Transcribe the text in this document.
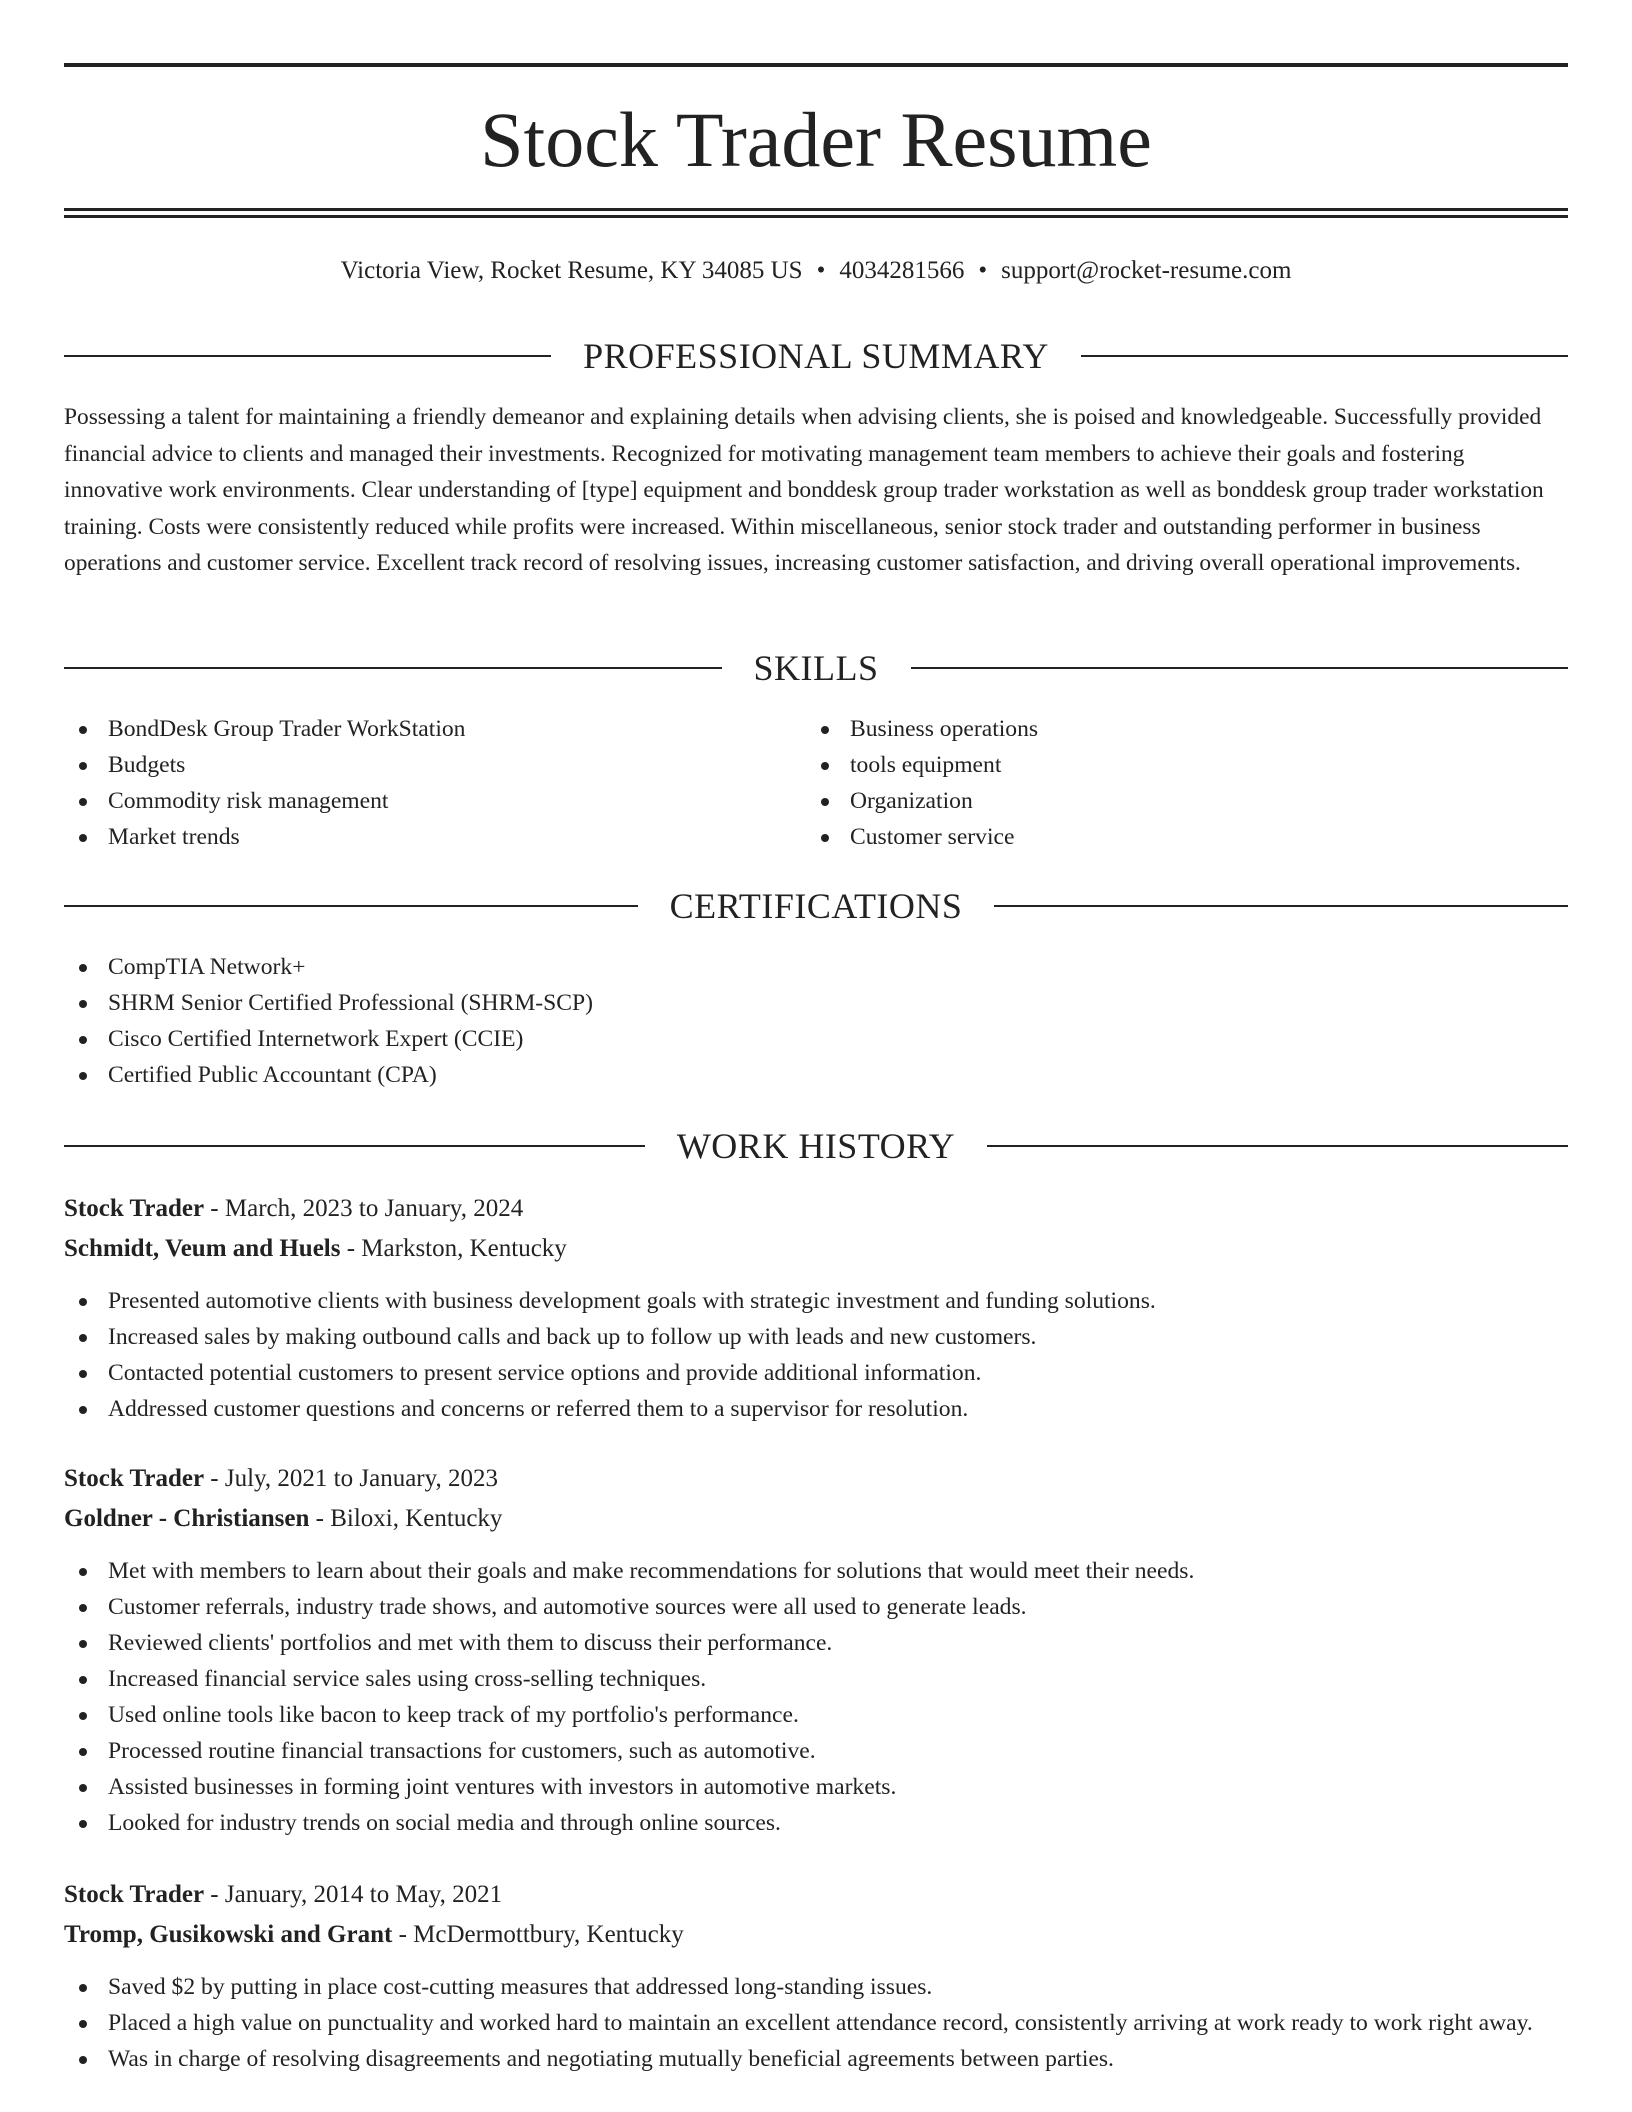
Stock Trader Resume
Victoria View, Rocket Resume, KY 34085 US • 4034281566 • support@rocket-resume.com
PROFESSIONAL SUMMARY

Possessing a talent for maintaining a friendly demeanor and explaining details when advising clients, she is poised and knowledgeable. Successfully provided financial advice to clients and managed their investments. Recognized for motivating management team members to achieve their goals and fostering innovative work environments. Clear understanding of [type] equipment and bonddesk group trader workstation as well as bonddesk group trader workstation training. Costs were consistently reduced while profits were increased. Within miscellaneous, senior stock trader and outstanding performer in business operations and customer service. Excellent track record of resolving issues, increasing customer satisfaction, and driving overall operational improvements.

SKILLS
BondDesk Group Trader WorkStation
Budgets
Commodity risk management
Market trends
Business operations
tools equipment
Organization
Customer service
CERTIFICATIONS
CompTIA Network+
SHRM Senior Certified Professional (SHRM-SCP)
Cisco Certified Internetwork Expert (CCIE)
Certified Public Accountant (CPA)
WORK HISTORY
Stock Trader - March, 2023 to January, 2024
Schmidt, Veum and Huels - Markston, Kentucky
Presented automotive clients with business development goals with strategic investment and funding solutions.
Increased sales by making outbound calls and back up to follow up with leads and new customers.
Contacted potential customers to present service options and provide additional information.
Addressed customer questions and concerns or referred them to a supervisor for resolution.
Stock Trader - July, 2021 to January, 2023
Goldner - Christiansen - Biloxi, Kentucky
Met with members to learn about their goals and make recommendations for solutions that would meet their needs.
Customer referrals, industry trade shows, and automotive sources were all used to generate leads.
Reviewed clients' portfolios and met with them to discuss their performance.
Increased financial service sales using cross-selling techniques.
Used online tools like bacon to keep track of my portfolio's performance.
Processed routine financial transactions for customers, such as automotive.
Assisted businesses in forming joint ventures with investors in automotive markets.
Looked for industry trends on social media and through online sources.
Stock Trader - January, 2014 to May, 2021
Tromp, Gusikowski and Grant - McDermottbury, Kentucky
Saved $2 by putting in place cost-cutting measures that addressed long-standing issues.
Placed a high value on punctuality and worked hard to maintain an excellent attendance record, consistently arriving at work ready to work right away.
Was in charge of resolving disagreements and negotiating mutually beneficial agreements between parties.
